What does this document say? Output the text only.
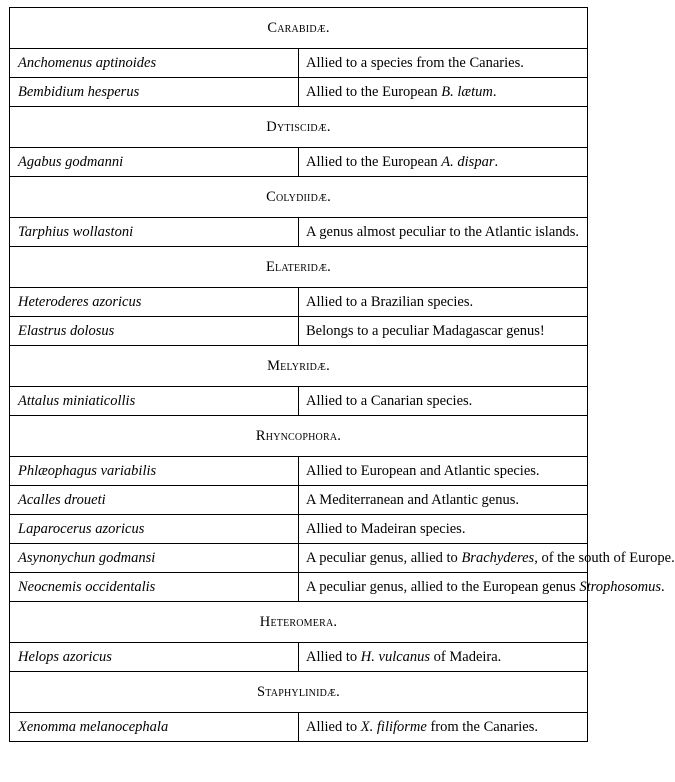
Carabidæ.	
Anchomenus aptinoides	Allied to a species from the Canaries.
Bembidium hesperus	Allied to the European B. lætum.
Dytiscidæ.	
Agabus godmanni	Allied to the European A. dispar.
Colydiidæ.	
Tarphius wollastoni	A genus almost peculiar to the Atlantic islands.
Elateridæ.	
Heteroderes azoricus	Allied to a Brazilian species.
Elastrus dolosus	Belongs to a peculiar Madagascar genus!
Melyridæ.	
Attalus miniaticollis	Allied to a Canarian species.
Rhyncophora.	
Phlæophagus variabilis	Allied to European and Atlantic species.
Acalles droueti	A Mediterranean and Atlantic genus.
Laparocerus azoricus	Allied to Madeiran species.
Asynonychun godmansi	A peculiar genus, allied to Brachyderes, of the south of Europe.
Neocnemis occidentalis	A peculiar genus, allied to the European genus Strophosomus.
Heteromera.	
Helops azoricus	Allied to H. vulcanus of Madeira.
Staphylinidæ.	
Xenomma melanocephala	Allied to X. filiforme from the Canaries.
